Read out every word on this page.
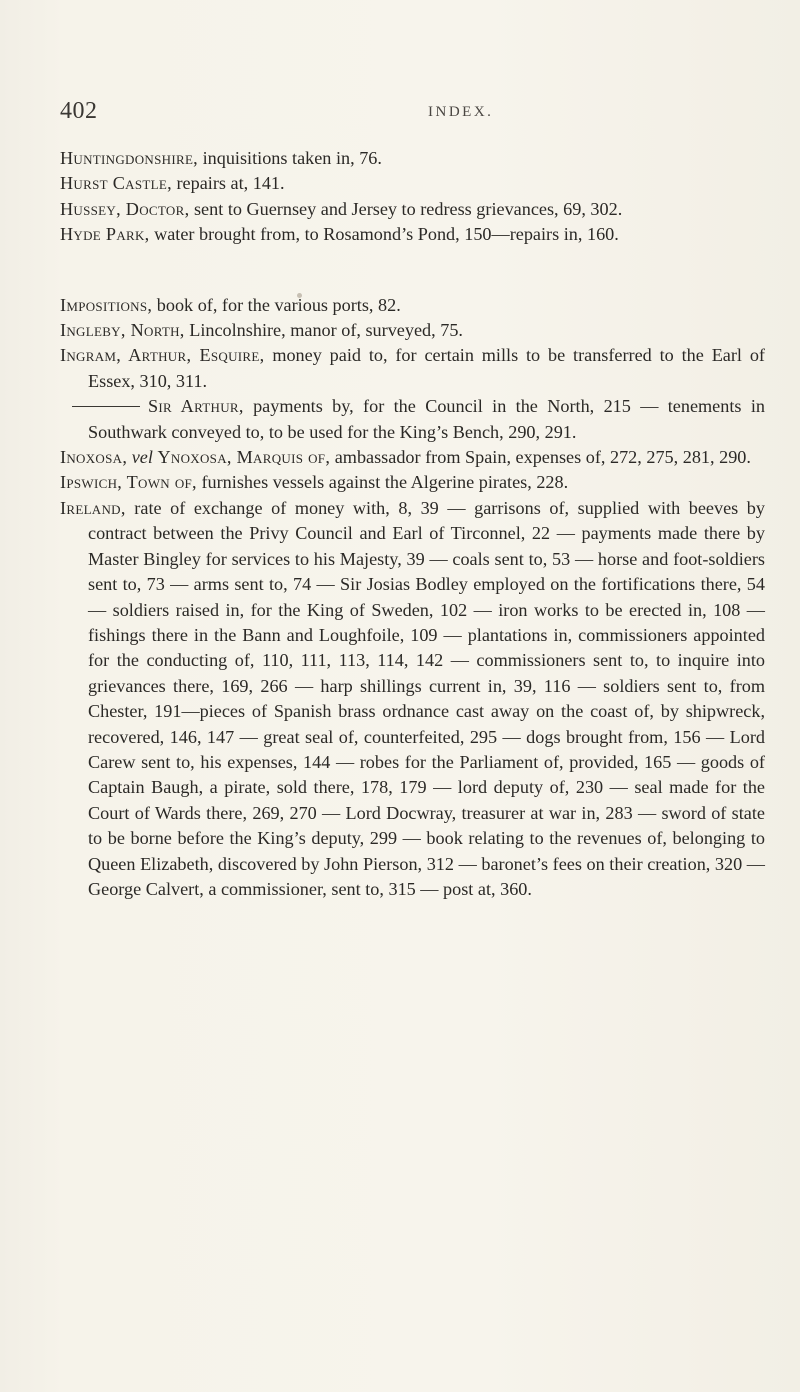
402	INDEX.

Huntingdonshire, inquisitions taken in, 76.

Hurst Castle, repairs at, 141.

Hussey, Doctor, sent to Guernsey and Jersey to redress grievances, 69, 302.

Hyde Park, water brought from, to Rosamond’s Pond, 150—repairs in, 160.

Impositions, book of, for the various ports, 82.

Ingleby, North, Lincolnshire, manor of, surveyed, 75.

Ingram, Arthur, Esquire, money paid to, for certain mills to be transferred to the Earl of Essex, 310, 311.

Sir Arthur, payments by, for the Council in the North, 215 — tenements in Southwark conveyed to, to be used for the King’s Bench, 290, 291.

Inoxosa, vel Ynoxosa, Marquis of, ambassador from Spain, expenses of, 272, 275, 281, 290.

Ipswich, Town of, furnishes vessels against the Algerine pirates, 228.

Ireland, rate of exchange of money with, 8, 39 — garrisons of, supplied with beeves by contract between the Privy Council and Earl of Tirconnel, 22 — payments made there by Master Bingley for services to his Majesty, 39 — coals sent to, 53 — horse and foot-soldiers sent to, 73 — arms sent to, 74 — Sir Josias Bodley employed on the fortifications there, 54 — soldiers raised in, for the King of Sweden, 102 — iron works to be erected in, 108 — fishings there in the Bann and Loughfoile, 109 — plantations in, commissioners appointed for the conducting of, 110, 111, 113, 114, 142 — commissioners sent to, to inquire into grievances there, 169, 266 — harp shillings current in, 39, 116 — soldiers sent to, from Chester, 191—pieces of Spanish brass ordnance cast away on the coast of, by shipwreck, recovered, 146, 147 — great seal of, counterfeited, 295 — dogs brought from, 156 — Lord Carew sent to, his expenses, 144 — robes for the Parliament of, provided, 165 — goods of Captain Baugh, a pirate, sold there, 178, 179 — lord deputy of, 230 — seal made for the Court of Wards there, 269, 270 — Lord Docwray, treasurer at war in, 283 — sword of state to be borne before the King’s deputy, 299 — book relating to the revenues of, belonging to Queen Elizabeth, discovered by John Pierson, 312 — baronet’s fees on their creation, 320 — George Calvert, a commissioner, sent to, 315 — post at, 360.
